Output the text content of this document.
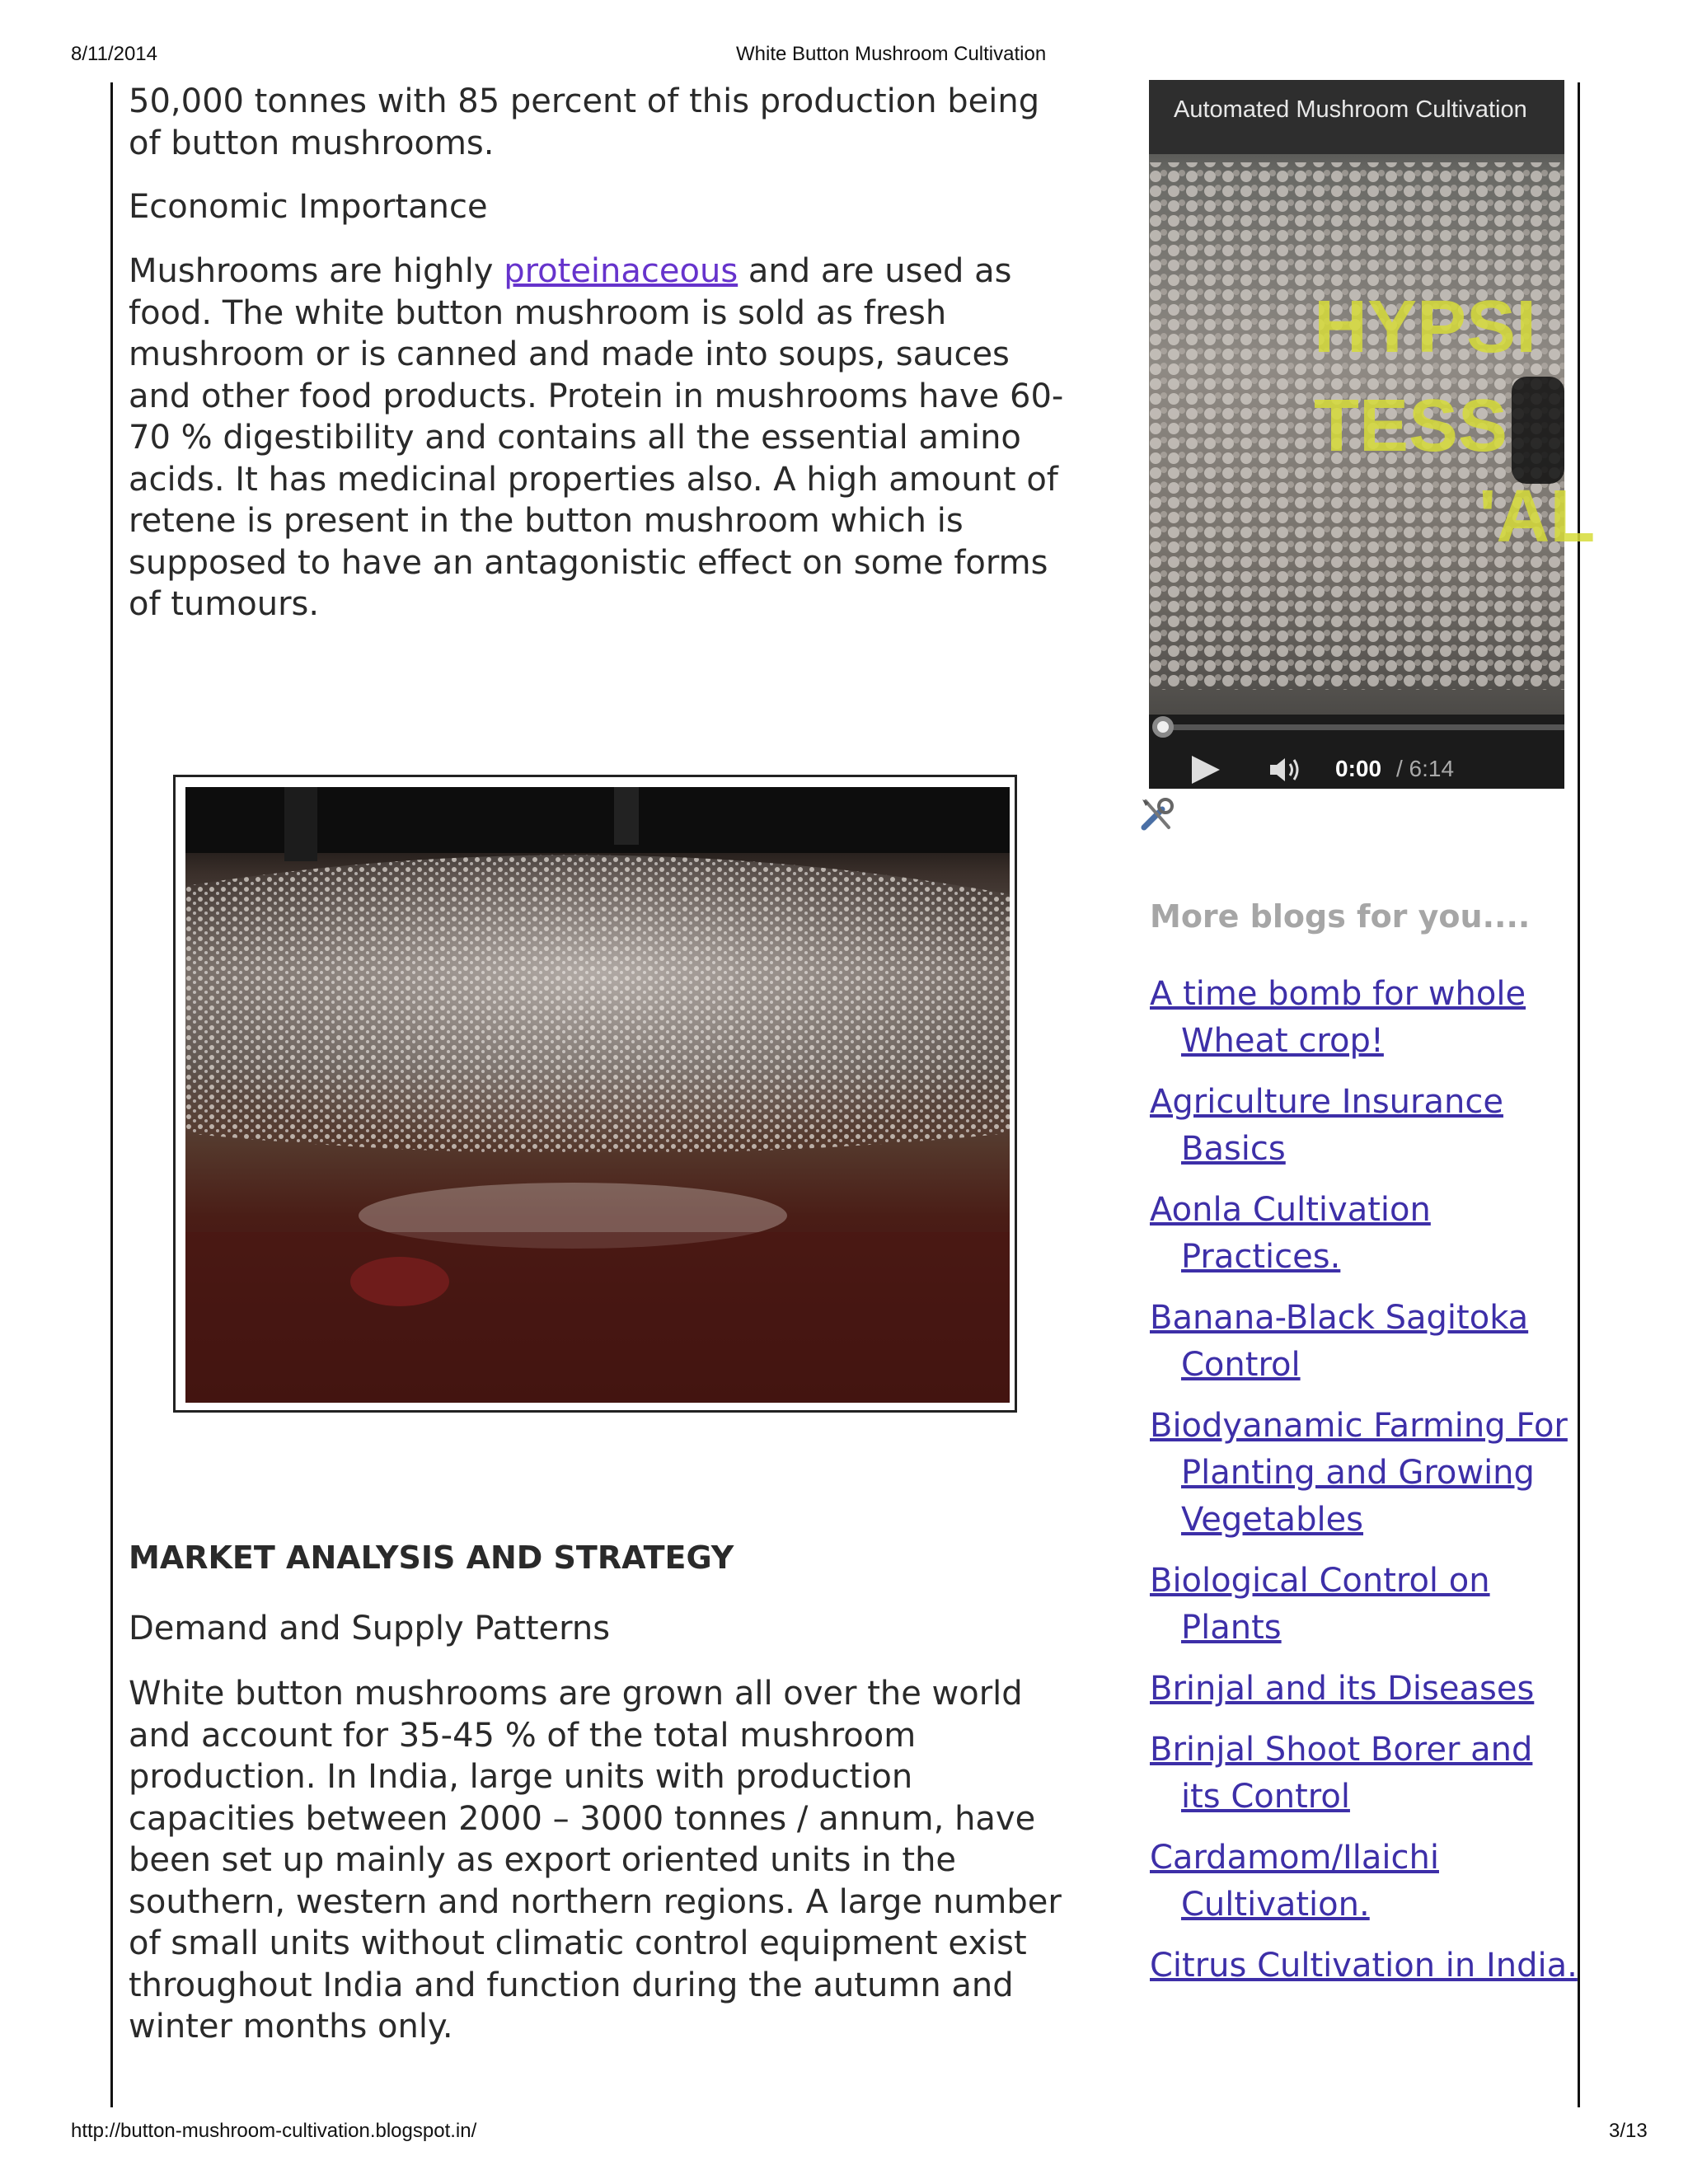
8/11/2014	White Button Mushroom Cultivation

50,000 tonnes with 85 percent of this production being of button mushrooms.

Economic Importance

Mushrooms are highly proteinaceous and are used as food. The white button mushroom is sold as fresh mushroom or is canned and made into soups, sauces and other food products. Protein in mushrooms have 60-70 % digestibility and contains all the essential amino acids. It has medicinal properties also. A high amount of retene is present in the button mushroom which is supposed to have an antagonistic effect on some forms of tumours.

MARKET ANALYSIS AND STRATEGY

Demand and Supply Patterns

White button mushrooms are grown all over the world and account for 35-45 % of the total mushroom production. In India, large units with production capacities between 2000 – 3000 tonnes / annum, have been set up mainly as export oriented units in the southern, western and northern regions. A large number of small units without climatic control equipment exist throughout India and function during the autumn and winter months only.

HYPSI
TESS
'AL
Automated Mushroom Cultivation
0:00 / 6:14
More blogs for you....
A time bomb for whole Wheat crop!
Agriculture Insurance Basics
Aonla Cultivation Practices.
Banana-Black Sagitoka Control
Biodyanamic Farming For Planting and Growing Vegetables
Biological Control on Plants
Brinjal and its Diseases
Brinjal Shoot Borer and its Control
Cardamom/Ilaichi Cultivation.
Citrus Cultivation in India.
http://button-mushroom-cultivation.blogspot.in/	3/13
